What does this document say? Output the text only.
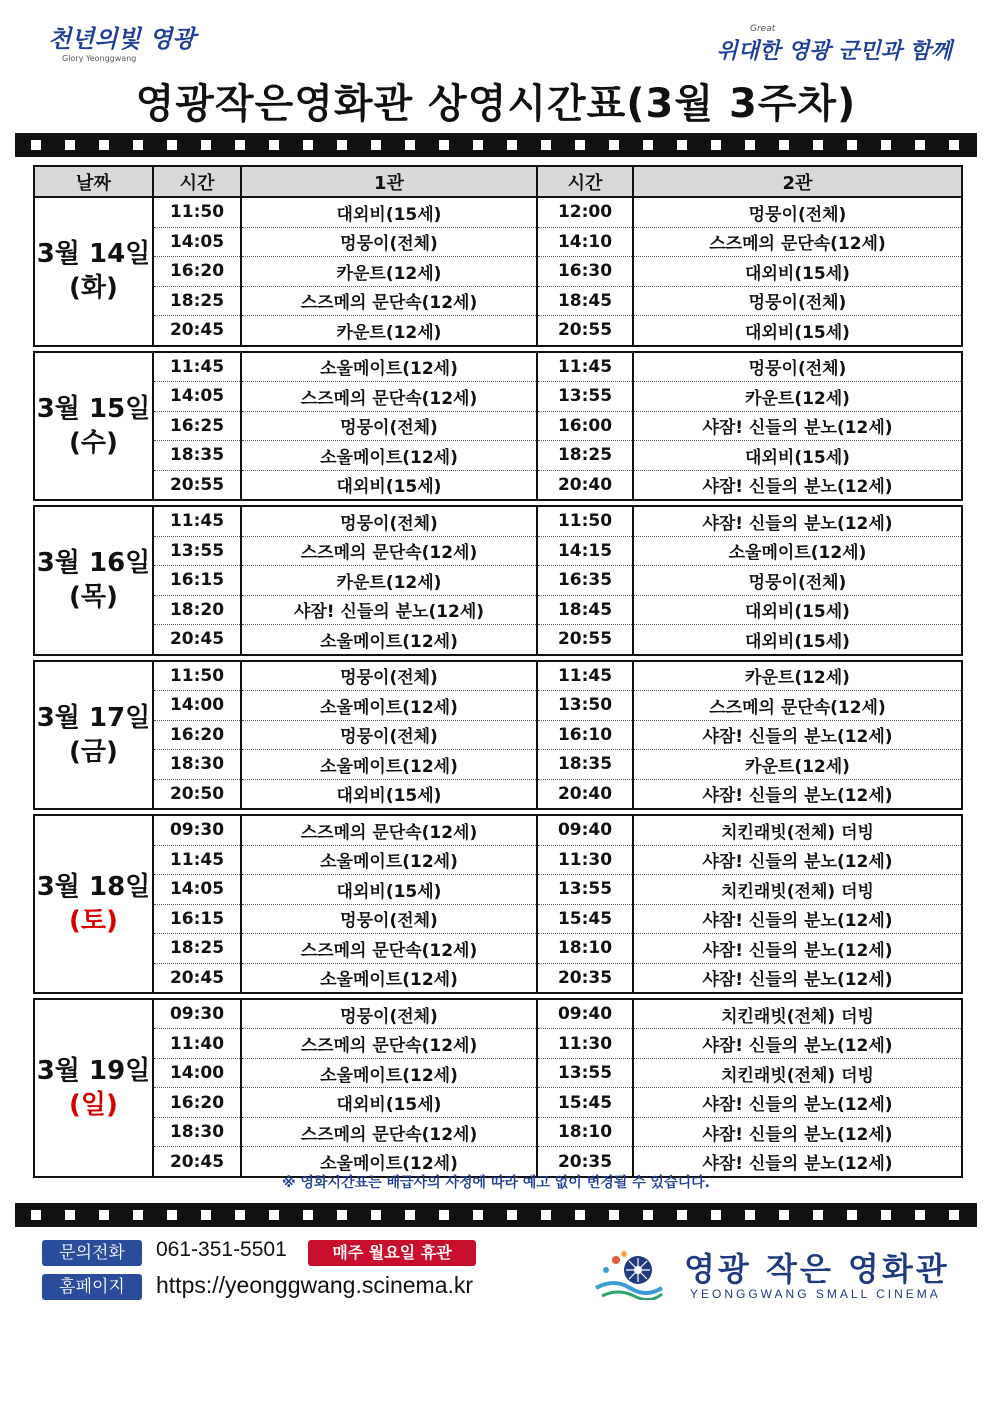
천년의빛 영광
Glory Yeonggwang
Great
위대한 영광 군민과 함께
영광작은영화관 상영시간표(3월 3주차)
날짜	시간	1관	시간	2관
3월 14일
(화)	11:50	대외비(15세)	12:00	멍뭉이(전체)
	14:05	멍뭉이(전체)	14:10	스즈메의 문단속(12세)
	16:20	카운트(12세)	16:30	대외비(15세)
	18:25	스즈메의 문단속(12세)	18:45	멍뭉이(전체)
	20:45	카운트(12세)	20:55	대외비(15세)
3월 15일
(수)	11:45	소울메이트(12세)	11:45	멍뭉이(전체)
	14:05	스즈메의 문단속(12세)	13:55	카운트(12세)
	16:25	멍뭉이(전체)	16:00	샤잠! 신들의 분노(12세)
	18:35	소울메이트(12세)	18:25	대외비(15세)
	20:55	대외비(15세)	20:40	샤잠! 신들의 분노(12세)
3월 16일
(목)	11:45	멍뭉이(전체)	11:50	샤잠! 신들의 분노(12세)
	13:55	스즈메의 문단속(12세)	14:15	소울메이트(12세)
	16:15	카운트(12세)	16:35	멍뭉이(전체)
	18:20	샤잠! 신들의 분노(12세)	18:45	대외비(15세)
	20:45	소울메이트(12세)	20:55	대외비(15세)
3월 17일
(금)	11:50	멍뭉이(전체)	11:45	카운트(12세)
	14:00	소울메이트(12세)	13:50	스즈메의 문단속(12세)
	16:20	멍뭉이(전체)	16:10	샤잠! 신들의 분노(12세)
	18:30	소울메이트(12세)	18:35	카운트(12세)
	20:50	대외비(15세)	20:40	샤잠! 신들의 분노(12세)
3월 18일
(토)	09:30	스즈메의 문단속(12세)	09:40	치킨래빗(전체) 더빙
	11:45	소울메이트(12세)	11:30	샤잠! 신들의 분노(12세)
	14:05	대외비(15세)	13:55	치킨래빗(전체) 더빙
	16:15	멍뭉이(전체)	15:45	샤잠! 신들의 분노(12세)
	18:25	스즈메의 문단속(12세)	18:10	샤잠! 신들의 분노(12세)
	20:45	소울메이트(12세)	20:35	샤잠! 신들의 분노(12세)
3월 19일
(일)	09:30	멍뭉이(전체)	09:40	치킨래빗(전체) 더빙
	11:40	스즈메의 문단속(12세)	11:30	샤잠! 신들의 분노(12세)
	14:00	소울메이트(12세)	13:55	치킨래빗(전체) 더빙
	16:20	대외비(15세)	15:45	샤잠! 신들의 분노(12세)
	18:30	스즈메의 문단속(12세)	18:10	샤잠! 신들의 분노(12세)
	20:45	소울메이트(12세)	20:35	샤잠! 신들의 분노(12세)
※ 영화시간표는 배급사의 사정에 따라 예고 없이 변경될 수 있습니다.
문의전화	061-351-5501	매주 월요일 휴관
홈페이지	https://yeonggwang.scinema.kr	영광 작은 영화관
YEONGGWANG SMALL CINEMA
